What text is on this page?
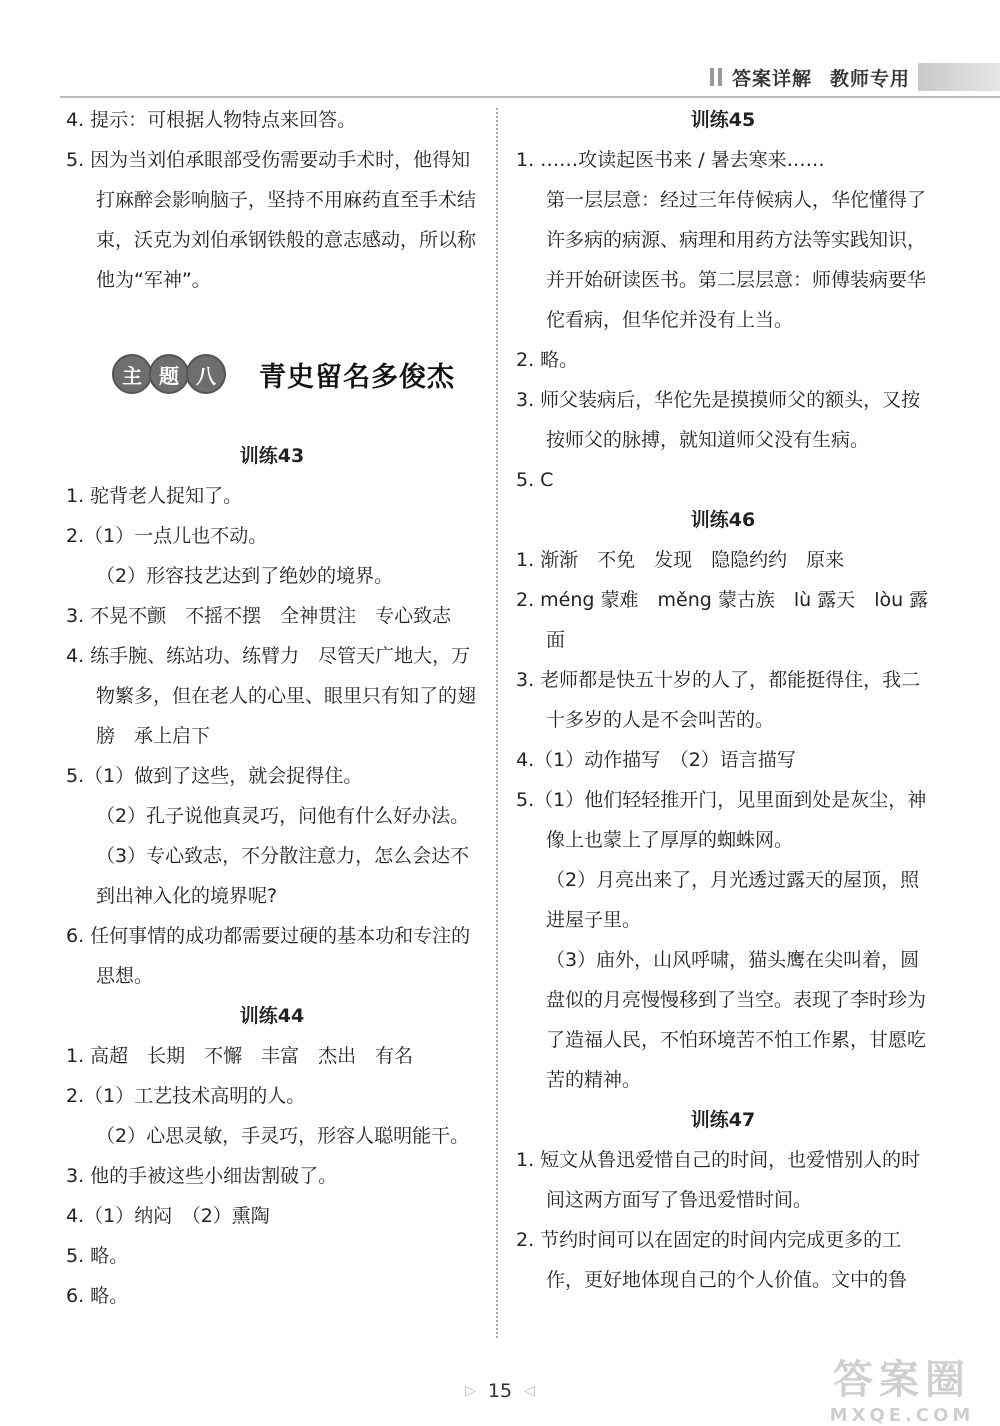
答案详解 教师专用

4. 提示：可根据人物特点来回答。

5. 因为当刘伯承眼部受伤需要动手术时，他得知打麻醉会影响脑子，坚持不用麻药直至手术结束，沃克为刘伯承钢铁般的意志感动，所以称他为“军神”。

主 题 八	青史留名多俊杰

训练43

1. 驼背老人捉知了。

2.（1）一点儿也不动。

（2）形容技艺达到了绝妙的境界。

3. 不晃不颤　不摇不摆　全神贯注　专心致志

4. 练手腕、练站功、练臂力　尽管天广地大，万物繁多，但在老人的心里、眼里只有知了的翅膀　承上启下

5.（1）做到了这些，就会捉得住。

（2）孔子说他真灵巧，问他有什么好办法。

（3）专心致志，不分散注意力，怎么会达不到出神入化的境界呢?

6. 任何事情的成功都需要过硬的基本功和专注的思想。

训练44

1. 高超　长期　不懈　丰富　杰出　有名

2.（1）工艺技术高明的人。

（2）心思灵敏，手灵巧，形容人聪明能干。

3. 他的手被这些小细齿割破了。

4.（1）纳闷　（2）熏陶

5. 略。

6. 略。

训练45

1. ……攻读起医书来 / 暑去寒来……

第一层层意：经过三年侍候病人，华佗懂得了许多病的病源、病理和用药方法等实践知识，并开始研读医书。第二层层意：师傅装病要华佗看病，但华佗并没有上当。

2. 略。

3. 师父装病后，华佗先是摸摸师父的额头，又按按师父的脉搏，就知道师父没有生病。

5. C

训练46

1. 渐渐　不免　发现　隐隐约约　原来

2. méng 蒙难　měng 蒙古族　lù 露天　lòu 露面

3. 老师都是快五十岁的人了，都能挺得住，我二十多岁的人是不会叫苦的。

4.（1）动作描写　（2）语言描写

5.（1）他们轻轻推开门，见里面到处是灰尘，神像上也蒙上了厚厚的蜘蛛网。

（2）月亮出来了，月光透过露天的屋顶，照进屋子里。

（3）庙外，山风呼啸，猫头鹰在尖叫着，圆盘似的月亮慢慢移到了当空。表现了李时珍为了造福人民，不怕环境苦不怕工作累，甘愿吃苦的精神。

训练47

1. 短文从鲁迅爱惜自己的时间，也爱惜别人的时间这两方面写了鲁迅爱惜时间。

2. 节约时间可以在固定的时间内完成更多的工作，更好地体现自己的个人价值。文中的鲁

▷ 15 ◁	答案圈
MXQE.COM
